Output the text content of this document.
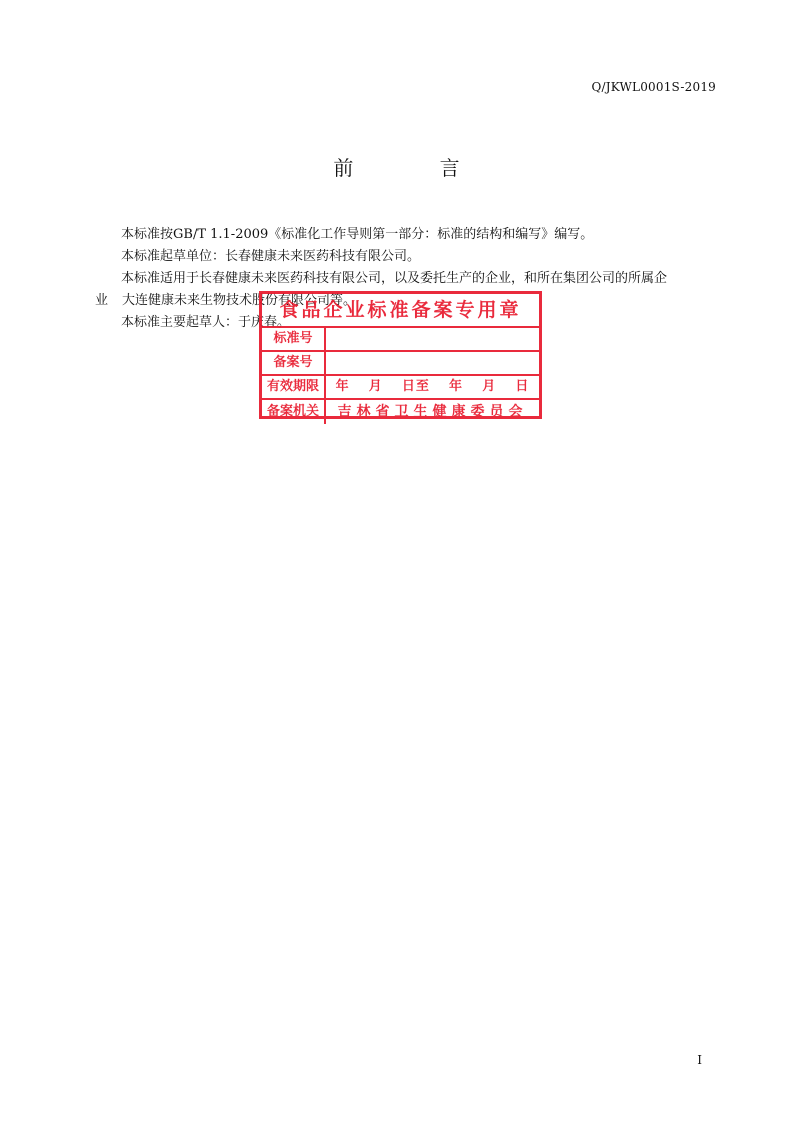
Q/JKWL0001S-2019
前 言
本标准按GB/T 1.1-2009《标准化工作导则第一部分：标准的结构和编写》编写。
本标准起草单位：长春健康未来医药科技有限公司。
本标准适用于长春健康未来医药科技有限公司，以及委托生产的企业，和所在集团公司的所属企
业 大连健康未来生物技术股份有限公司等。
本标准主要起草人：于庆春。
食品企业标准备案专用章
标准号
备案号
有效期限	年 月 日至 年 月 日
备案机关	吉林省卫生健康委员会
I
